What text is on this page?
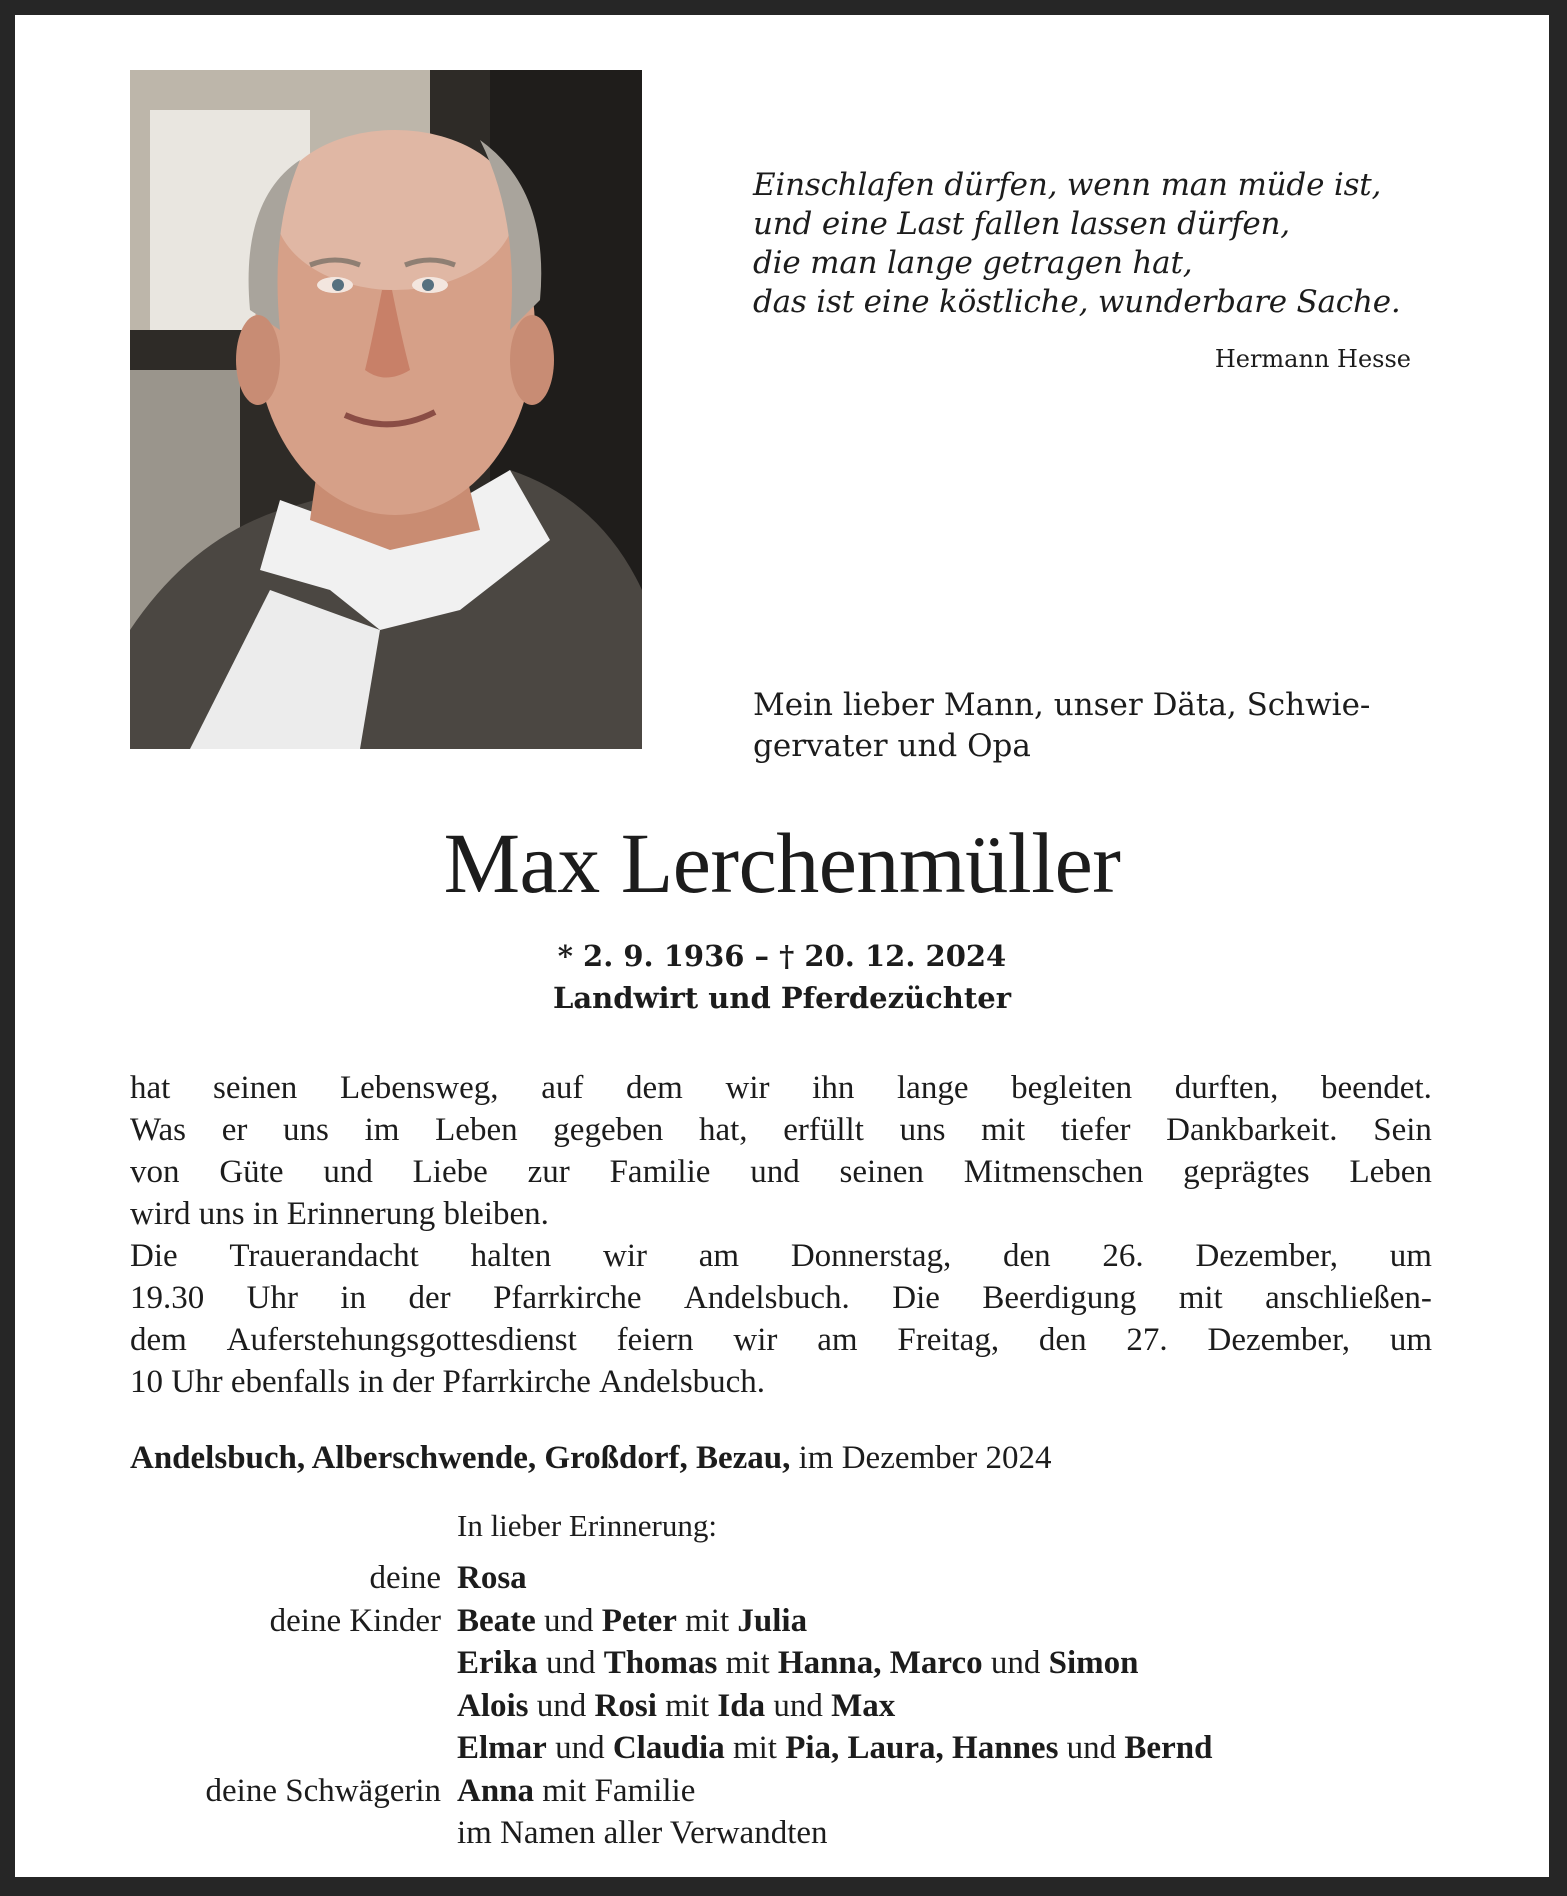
Einschlafen dürfen, wenn man müde ist,
und eine Last fallen lassen dürfen,
die man lange getragen hat,
das ist eine köstliche, wunderbare Sache.
Hermann Hesse
Mein lieber Mann, unser Däta, Schwie-
gervater und Opa
Max Lerchenmüller
* 2. 9. 1936 – † 20. 12. 2024
Landwirt und Pferdezüchter
hat seinen Lebensweg, auf dem wir ihn lange begleiten durften, beendet.
Was er uns im Leben gegeben hat, erfüllt uns mit tiefer Dankbarkeit. Sein
von Güte und Liebe zur Familie und seinen Mitmenschen geprägtes Leben
wird uns in Erinnerung bleiben.
Die Trauerandacht halten wir am Donnerstag, den 26. Dezember, um
19.30 Uhr in der Pfarrkirche Andelsbuch. Die Beerdigung mit anschließen-
dem Auferstehungsgottesdienst feiern wir am Freitag, den 27. Dezember, um
10 Uhr ebenfalls in der Pfarrkirche Andelsbuch.
Andelsbuch, Alberschwende, Großdorf, Bezau, im Dezember 2024
In lieber Erinnerung:
deine Rosa
deine Kinder Beate und Peter mit Julia
Erika und Thomas mit Hanna, Marco und Simon
Alois und Rosi mit Ida und Max
Elmar und Claudia mit Pia, Laura, Hannes und Bernd
deine Schwägerin Anna mit Familie
im Namen aller Verwandten
